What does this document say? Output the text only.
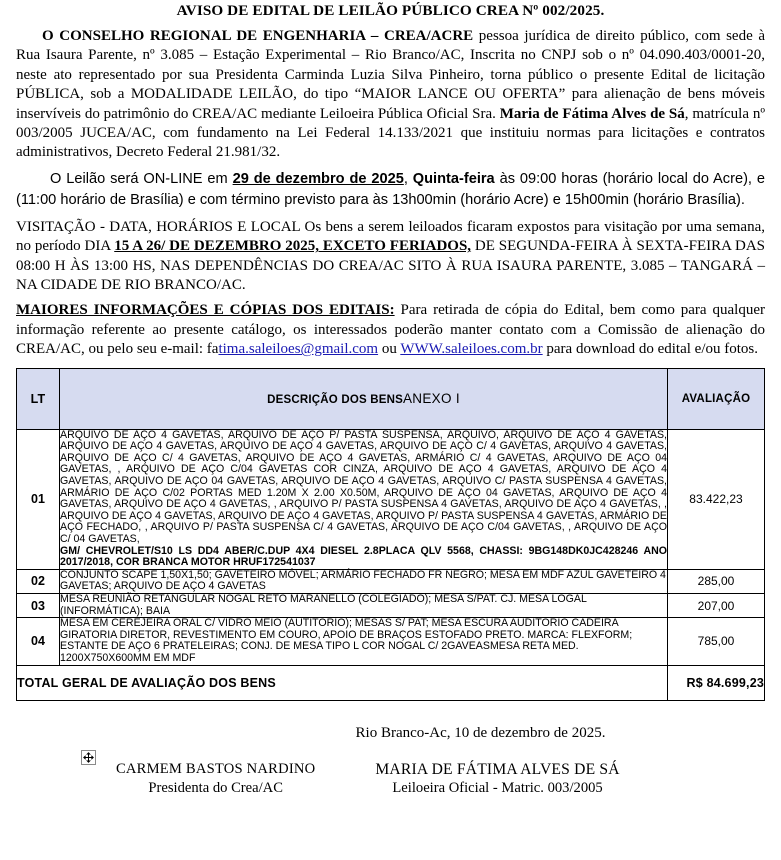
AVISO DE EDITAL DE LEILÃO PÚBLICO CREA Nº 002/2025.

O CONSELHO REGIONAL DE ENGENHARIA – CREA/ACRE pessoa jurídica de direito público, com sede à Rua Isaura Parente, nº 3.085 – Estação Experimental – Rio Branco/AC, Inscrita no CNPJ sob o nº 04.090.403/0001-20, neste ato representado por sua Presidenta Carminda Luzia Silva Pinheiro, torna público o presente Edital de licitação PÚBLICA, sob a MODALIDADE LEILÃO, do tipo “MAIOR LANCE OU OFERTA” para alienação de bens móveis inservíveis do patrimônio do CREA/AC mediante Leiloeira Pública Oficial Sra. Maria de Fátima Alves de Sá, matrícula nº 003/2005 JUCEA/AC, com fundamento na Lei Federal 14.133/2021 que instituiu normas para licitações e contratos administrativos, Decreto Federal 21.981/32.

O Leilão será ON-LINE em 29 de dezembro de 2025, Quinta-feira às 09:00 horas (horário local do Acre), e (11:00 horário de Brasília) e com término previsto para às 13h00min (horário Acre) e 15h00min (horário Brasília).

VISITAÇÃO - DATA, HORÁRIOS E LOCAL Os bens a serem leiloados ficaram expostos para visitação por uma semana, no período DIA 15 A 26/ DE DEZEMBRO 2025, EXCETO FERIADOS, DE SEGUNDA-FEIRA À SEXTA-FEIRA DAS 08:00 H ÀS 13:00 HS, NAS DEPENDÊNCIAS DO CREA/AC SITO À RUA ISAURA PARENTE, 3.085 – TANGARÁ – NA CIDADE DE RIO BRANCO/AC.

MAIORES INFORMAÇÕES E CÓPIAS DOS EDITAIS: Para retirada de cópia do Edital, bem como para qualquer informação referente ao presente catálogo, os interessados poderão manter contato com a Comissão de alienação do CREA/AC, ou pelo seu e-mail: fatima.saleiloes@gmail.com ou WWW.saleiloes.com.br para download do edital e/ou fotos.

LT	DESCRIÇÃO DOS BENSANEXO I	AVALIAÇÃO
01	ARQUIVO DE AÇO 4 GAVETAS, ARQUIVO DE AÇO P/ PASTA SUSPENSA, ARQUIVO, ARQUIVO DE AÇO 4 GAVETAS, ARQUIVO DE AÇO 4 GAVETAS, ARQUIVO DE AÇO 4 GAVETAS, ARQUIVO DE AÇO C/ 4 GAVETAS, ARQUIVO 4 GAVETAS, ARQUIVO DE AÇO C/ 4 GAVETAS, ARQUIVO DE AÇO 4 GAVETAS, ARMÁRIO C/ 4 GAVETAS, ARQUIVO DE AÇO 04 GAVETAS, , ARQUIVO DE AÇO C/04 GAVETAS COR CINZA, ARQUIVO DE AÇO 4 GAVETAS, ARQUIVO DE AÇO 4 GAVETAS, ARQUIVO DE AÇO 04 GAVETAS, ARQUIVO DE AÇO 4 GAVETAS, ARQUIVO C/ PASTA SUSPENSA 4 GAVETAS, ARMÁRIO DE AÇO C/02 PORTAS MED 1.20M X 2.00 X0.50M, ARQUIVO DE AÇO 04 GAVETAS, ARQUIVO DE AÇO 4 GAVETAS, ARQUIVO DE AÇO 4 GAVETAS, , ARQUIVO P/ PASTA SUSPENSA 4 GAVETAS, ARQUIVO DE AÇO 4 GAVETAS, , ARQUIVO DE AÇO 4 GAVETAS, ARQUIVO DE AÇO 4 GAVETAS, ARQUIVO P/ PASTA SUSPENSA 4 GAVETAS, ARMÁRIO DE AÇO FECHADO, , ARQUIVO P/ PASTA SUSPENSA C/ 4 GAVETAS, ARQUIVO DE AÇO C/04 GAVETAS, , ARQUIVO DE AÇO C/ 04 GAVETAS,
GM/ CHEVROLET/S10 LS DD4 ABER/C.DUP 4X4 DIESEL 2.8PLACA QLV 5568, CHASSI: 9BG148DK0JC428246 ANO 2017/2018, COR BRANCA MOTOR HRUF172541037	83.422,23
02	CONJUNTO SCAPE 1,50X1,50; GAVETEIRO MÓVEL; ARMÁRIO FECHADO FR NEGRO; MESA EM MDF AZUL GAVETEIRO 4 GAVETAS; ARQUIVO DE AÇO 4 GAVETAS	285,00
03	MESA REUNIÃO RETANGULAR NOGAL RETO MARANELLO (COLEGIADO); MESA S/PAT. CJ. MESA LOGAL (INFORMÁTICA); BAIA	207,00
04	MESA EM CEREJEIRA ORAL C/ VIDRO MEIO (AUTITORIO); MESAS S/ PAT; MESA ESCURA AUDITORIO CADEIRA GIRATORIA DIRETOR, REVESTIMENTO EM COURO, APOIO DE BRAÇOS ESTOFADO PRETO. MARCA: FLEXFORM; ESTANTE DE AÇO 6 PRATELEIRAS; CONJ. DE MESA TIPO L COR NOGAL C/ 2GAVEASMESA RETA MED. 1200X750X600MM EM MDF	785,00
TOTAL GERAL DE AVALIAÇÃO DOS BENS		R$ 84.699,23
Rio Branco-Ac, 10 de dezembro de 2025.
CARMEM BASTOS NARDINO
Presidenta do Crea/AC
MARIA DE FÁTIMA ALVES DE SÁ
Leiloeira Oficial - Matric. 003/2005
